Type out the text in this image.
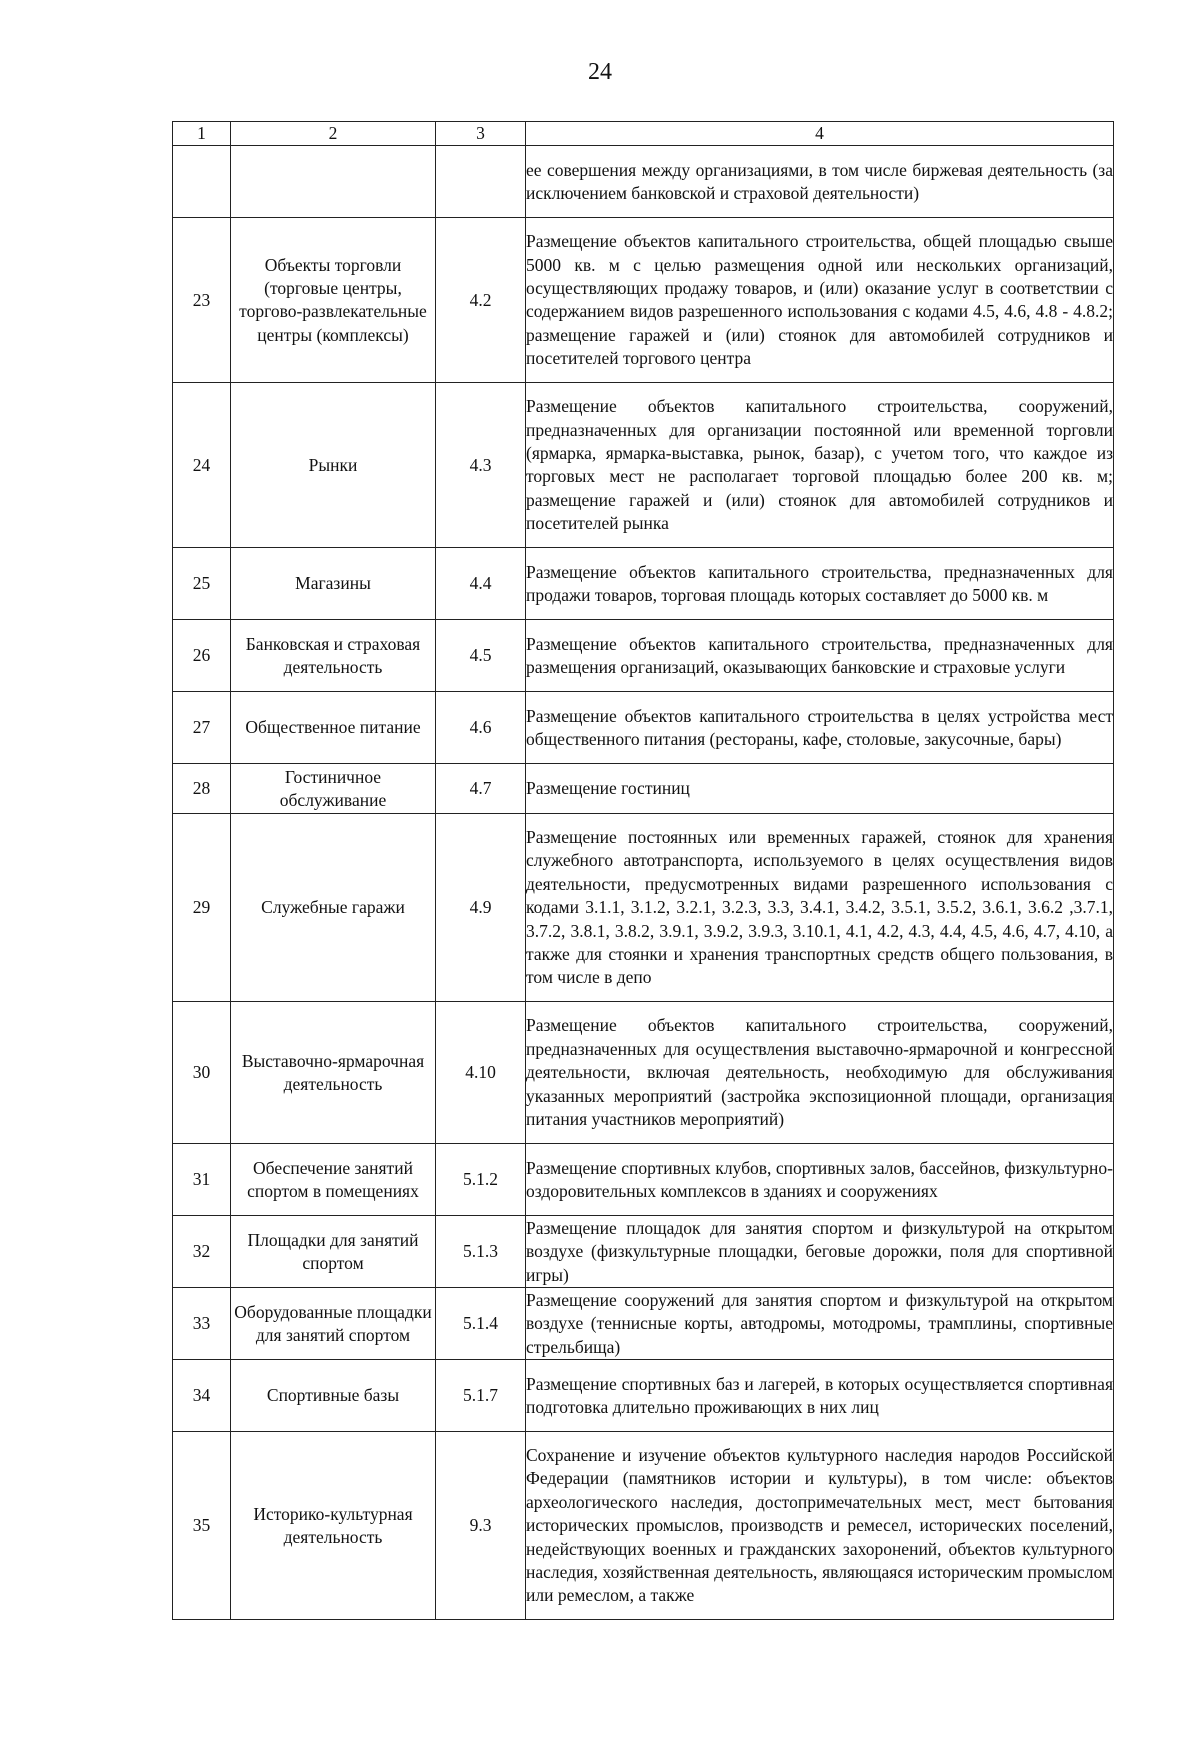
24
1	2	3	4
			ее совершения между организациями, в том числе биржевая деятельность (за исключением банковской и страховой деятельности)
23	Объекты торговли (торговые центры, торгово-развлекательные центры (комплексы)	4.2	Размещение объектов капитального строительства, общей площадью свыше 5000 кв. м с целью размещения одной или нескольких организаций, осуществляющих продажу товаров, и (или) оказание услуг в соответствии с содержанием видов разрешенного использования с кодами 4.5, 4.6, 4.8 - 4.8.2; размещение гаражей и (или) стоянок для автомобилей сотрудников и посетителей торгового центра
24	Рынки	4.3	Размещение объектов капитального строительства, сооружений, предназначенных для организации постоянной или временной торговли (ярмарка, ярмарка-выставка, рынок, базар), с учетом того, что каждое из торговых мест не располагает торговой площадью более 200 кв. м; размещение гаражей и (или) стоянок для автомобилей сотрудников и посетителей рынка
25	Магазины	4.4	Размещение объектов капитального строительства, предназначенных для продажи товаров, торговая площадь которых составляет до 5000 кв. м
26	Банковская и страховая деятельность	4.5	Размещение объектов капитального строительства, предназначенных для размещения организаций, оказывающих банковские и страховые услуги
27	Общественное питание	4.6	Размещение объектов капитального строительства в целях устройства мест общественного питания (рестораны, кафе, столовые, закусочные, бары)
28	Гостиничное обслуживание	4.7	Размещение гостиниц
29	Служебные гаражи	4.9	Размещение постоянных или временных гаражей, стоянок для хранения служебного автотранспорта, используемого в целях осуществления видов деятельности, предусмотренных видами разрешенного использования с кодами 3.1.1, 3.1.2, 3.2.1, 3.2.3, 3.3, 3.4.1, 3.4.2, 3.5.1, 3.5.2, 3.6.1, 3.6.2 ,3.7.1, 3.7.2, 3.8.1, 3.8.2, 3.9.1, 3.9.2, 3.9.3, 3.10.1, 4.1, 4.2, 4.3, 4.4, 4.5, 4.6, 4.7, 4.10, а также для стоянки и хранения транспортных средств общего пользования, в том числе в депо
30	Выставочно-ярмарочная деятельность	4.10	Размещение объектов капитального строительства, сооружений, предназначенных для осуществления выставочно-ярмарочной и конгрессной деятельности, включая деятельность, необходимую для обслуживания указанных мероприятий (застройка экспозиционной площади, организация питания участников мероприятий)
31	Обеспечение занятий спортом в помещениях	5.1.2	Размещение спортивных клубов, спортивных залов, бассейнов, физкультурно-оздоровительных комплексов в зданиях и сооружениях
32	Площадки для занятий спортом	5.1.3	Размещение площадок для занятия спортом и физкультурой на открытом воздухе (физкультурные площадки, беговые дорожки, поля для спортивной игры)
33	Оборудованные площадки для занятий спортом	5.1.4	Размещение сооружений для занятия спортом и физкультурой на открытом воздухе (теннисные корты, автодромы, мотодромы, трамплины, спортивные стрельбища)
34	Спортивные базы	5.1.7	Размещение спортивных баз и лагерей, в которых осуществляется спортивная подготовка длительно проживающих в них лиц
35	Историко-культурная деятельность	9.3	Сохранение и изучение объектов культурного наследия народов Российской Федерации (памятников истории и культуры), в том числе: объектов археологического наследия, достопримечательных мест, мест бытования исторических промыслов, производств и ремесел, исторических поселений, недействующих военных и гражданских захоронений, объектов культурного наследия, хозяйственная деятельность, являющаяся историческим промыслом или ремеслом, а также
